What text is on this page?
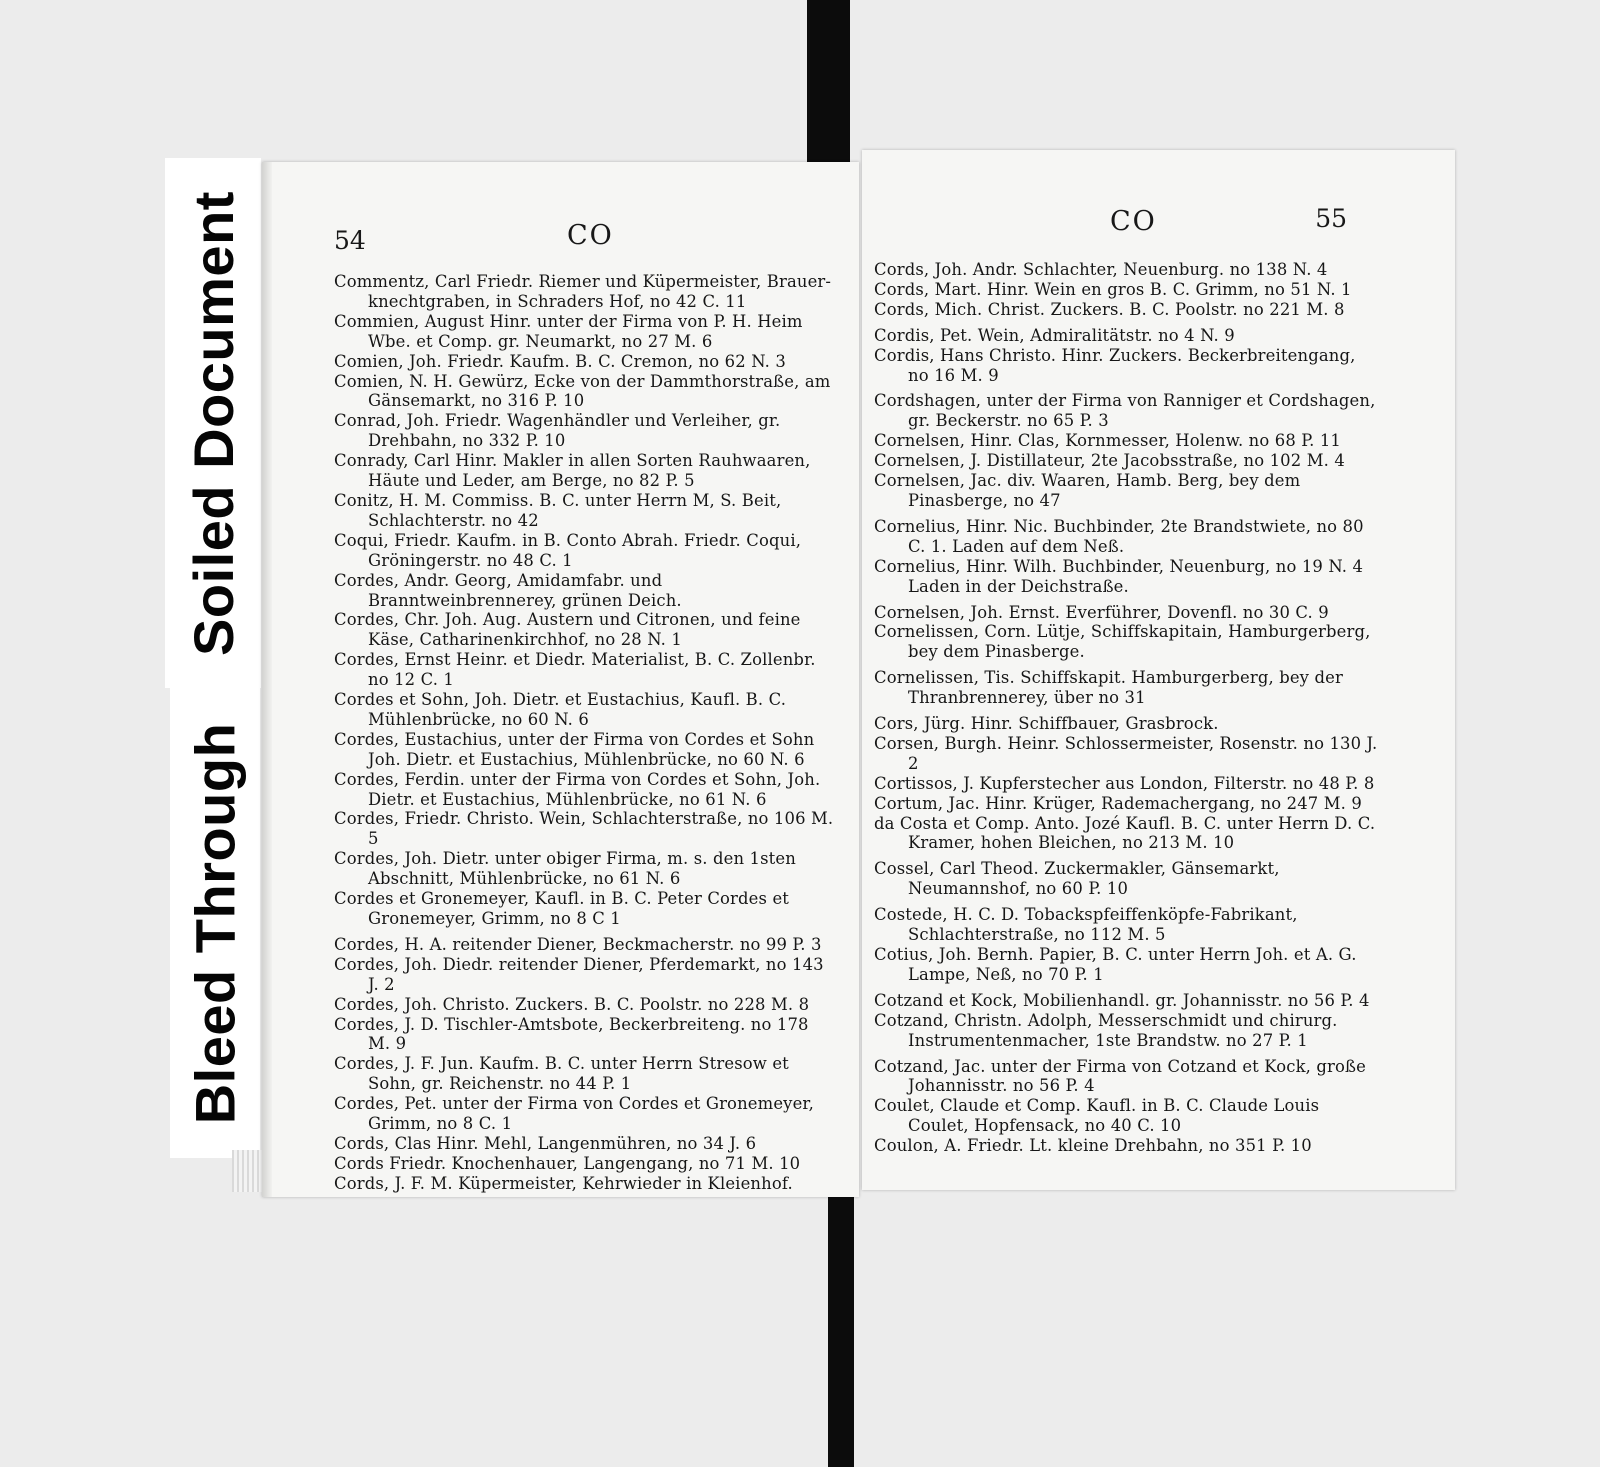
Soiled Document
Bleed Through
54	CO
Commentz, Carl Friedr. Riemer und Küpermeister, Brauer-knechtgraben, in Schraders Hof, no 42 C. 11
Commien, August Hinr. unter der Firma von P. H. Heim Wbe. et Comp. gr. Neumarkt, no 27 M. 6
Comien, Joh. Friedr. Kaufm. B. C. Cremon, no 62 N. 3
Comien, N. H. Gewürz, Ecke von der Dammthorstraße, am Gänsemarkt, no 316 P. 10
Conrad, Joh. Friedr. Wagenhändler und Verleiher, gr. Drehbahn, no 332 P. 10
Conrady, Carl Hinr. Makler in allen Sorten Rauhwaaren, Häute und Leder, am Berge, no 82 P. 5
Conitz, H. M. Commiss. B. C. unter Herrn M, S. Beit, Schlachterstr. no 42
Coqui, Friedr. Kaufm. in B. Conto Abrah. Friedr. Coqui, Gröningerstr. no 48 C. 1
Cordes, Andr. Georg, Amidamfabr. und Branntweinbrennerey, grünen Deich.
Cordes, Chr. Joh. Aug. Austern und Citronen, und feine Käse, Catharinenkirchhof, no 28 N. 1
Cordes, Ernst Heinr. et Diedr. Materialist, B. C. Zollenbr. no 12 C. 1
Cordes et Sohn, Joh. Dietr. et Eustachius, Kaufl. B. C. Mühlenbrücke, no 60 N. 6
Cordes, Eustachius, unter der Firma von Cordes et Sohn Joh. Dietr. et Eustachius, Mühlenbrücke, no 60 N. 6
Cordes, Ferdin. unter der Firma von Cordes et Sohn, Joh. Dietr. et Eustachius, Mühlenbrücke, no 61 N. 6
Cordes, Friedr. Christo. Wein, Schlachterstraße, no 106 M. 5
Cordes, Joh. Dietr. unter obiger Firma, m. s. den 1sten Abschnitt, Mühlenbrücke, no 61 N. 6
Cordes et Gronemeyer, Kaufl. in B. C. Peter Cordes et Gronemeyer, Grimm, no 8 C 1
Cordes, H. A. reitender Diener, Beckmacherstr. no 99 P. 3
Cordes, Joh. Diedr. reitender Diener, Pferdemarkt, no 143 J. 2
Cordes, Joh. Christo. Zuckers. B. C. Poolstr. no 228 M. 8
Cordes, J. D. Tischler-Amtsbote, Beckerbreiteng. no 178 M. 9
Cordes, J. F. Jun. Kaufm. B. C. unter Herrn Stresow et Sohn, gr. Reichenstr. no 44 P. 1
Cordes, Pet. unter der Firma von Cordes et Gronemeyer, Grimm, no 8 C. 1
Cords, Clas Hinr. Mehl, Langenmühren, no 34 J. 6
Cords Friedr. Knochenhauer, Langengang, no 71 M. 10
Cords, J. F. M. Küpermeister, Kehrwieder in Kleienhof.
55
CO
Cords, Joh. Andr. Schlachter, Neuenburg. no 138 N. 4
Cords, Mart. Hinr. Wein en gros B. C. Grimm, no 51 N. 1
Cords, Mich. Christ. Zuckers. B. C. Poolstr. no 221 M. 8
Cordis, Pet. Wein, Admiralitätstr. no 4 N. 9
Cordis, Hans Christo. Hinr. Zuckers. Beckerbreitengang, no 16 M. 9
Cordshagen, unter der Firma von Ranniger et Cordshagen, gr. Beckerstr. no 65 P. 3
Cornelsen, Hinr. Clas, Kornmesser, Holenw. no 68 P. 11
Cornelsen, J. Distillateur, 2te Jacobsstraße, no 102 M. 4
Cornelsen, Jac. div. Waaren, Hamb. Berg, bey dem Pinasberge, no 47
Cornelius, Hinr. Nic. Buchbinder, 2te Brandstwiete, no 80 C. 1. Laden auf dem Neß.
Cornelius, Hinr. Wilh. Buchbinder, Neuenburg, no 19 N. 4 Laden in der Deichstraße.
Cornelsen, Joh. Ernst. Everführer, Dovenfl. no 30 C. 9
Cornelissen, Corn. Lütje, Schiffskapitain, Hamburgerberg, bey dem Pinasberge.
Cornelissen, Tis. Schiffskapit. Hamburgerberg, bey der Thranbrennerey, über no 31
Cors, Jürg. Hinr. Schiffbauer, Grasbrock.
Corsen, Burgh. Heinr. Schlossermeister, Rosenstr. no 130 J. 2
Cortissos, J. Kupferstecher aus London, Filterstr. no 48 P. 8
Cortum, Jac. Hinr. Krüger, Rademachergang, no 247 M. 9
da Costa et Comp. Anto. Jozé Kaufl. B. C. unter Herrn D. C. Kramer, hohen Bleichen, no 213 M. 10
Cossel, Carl Theod. Zuckermakler, Gänsemarkt, Neumannshof, no 60 P. 10
Costede, H. C. D. Tobackspfeiffenköpfe-Fabrikant, Schlachterstraße, no 112 M. 5
Cotius, Joh. Bernh. Papier, B. C. unter Herrn Joh. et A. G. Lampe, Neß, no 70 P. 1
Cotzand et Kock, Mobilienhandl. gr. Johannisstr. no 56 P. 4
Cotzand, Christn. Adolph, Messerschmidt und chirurg. Instrumentenmacher, 1ste Brandstw. no 27 P. 1
Cotzand, Jac. unter der Firma von Cotzand et Kock, große Johannisstr. no 56 P. 4
Coulet, Claude et Comp. Kaufl. in B. C. Claude Louis Coulet, Hopfensack, no 40 C. 10
Coulon, A. Friedr. Lt. kleine Drehbahn, no 351 P. 10
